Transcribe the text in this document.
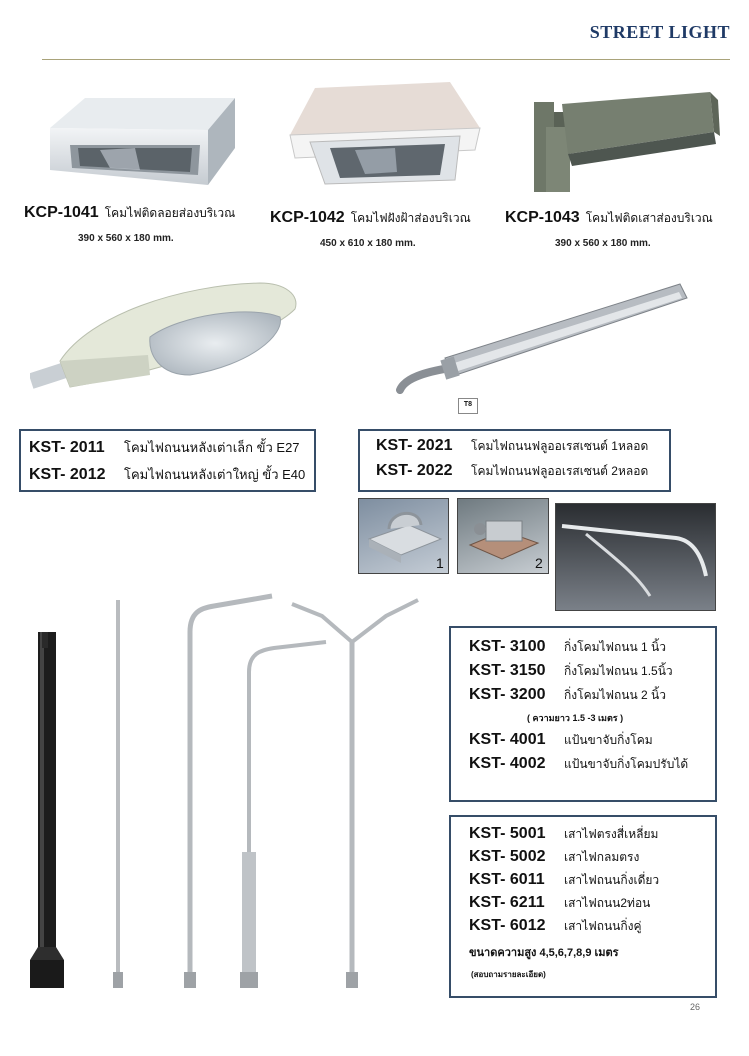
STREET LIGHT
KCP-1041 โคมไฟติดลอยส่องบริเวณ
390 x 560 x 180 mm.
KCP-1042 โคมไฟฝังฝ้าส่องบริเวณ
450 x 610 x 180 mm.
KCP-1043 โคมไฟติดเสาส่องบริเวณ
390 x 560 x 180 mm.
T8
KST- 2011	โคมไฟถนนหลังเต่าเล็ก ขั้ว E27
KST- 2012	โคมไฟถนนหลังเต่าใหญ่ ขั้ว E40
KST- 2021	โคมไฟถนนฟลูออเรสเซนต์ 1หลอด
KST- 2022	โคมไฟถนนฟลูออเรสเซนต์ 2หลอด
1	2
KST- 3100	กิ่งโคมไฟถนน 1 นิ้ว
KST- 3150	กิ่งโคมไฟถนน 1.5นิ้ว
KST- 3200	กิ่งโคมไฟถนน 2 นิ้ว
( ความยาว 1.5 -3 เมตร )
KST- 4001	แป้นขาจับกิ่งโคม
KST- 4002	แป้นขาจับกิ่งโคมปรับได้
KST- 5001	เสาไฟตรงสี่เหลี่ยม
KST- 5002	เสาไฟกลมตรง
KST- 6011	เสาไฟถนนกิ่งเดี่ยว
KST- 6211	เสาไฟถนน2ท่อน
KST- 6012	เสาไฟถนนกิ่งคู่
ขนาดความสูง 4,5,6,7,8,9 เมตร
(สอบถามรายละเอียด)
26
